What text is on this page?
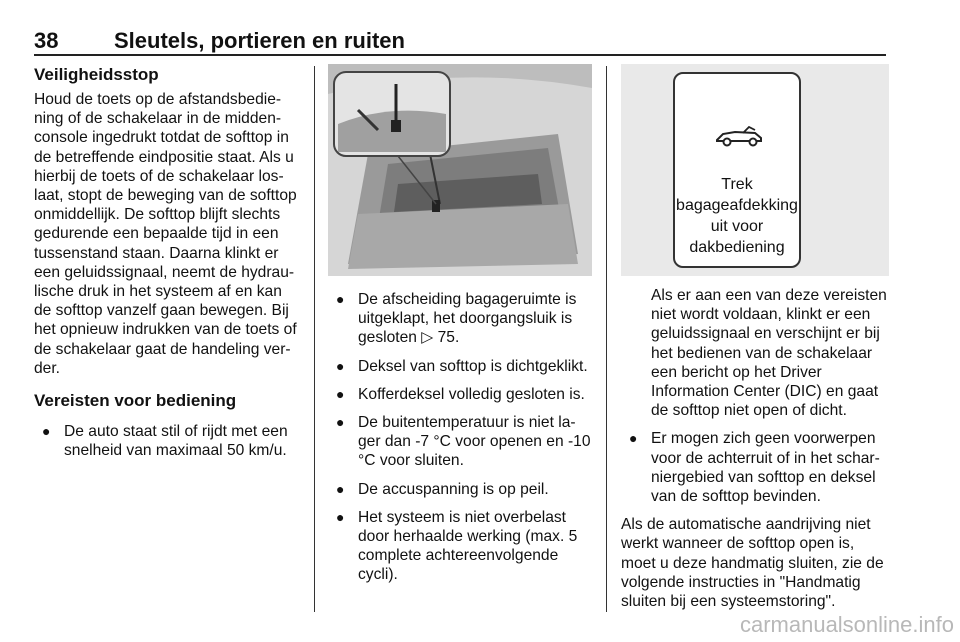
38	Sleutels, portieren en ruiten
Veiligheidsstop

Houd de toets op de afstandsbediening of de schakelaar in de middenconsole ingedrukt totdat de softtop in de betreffende eindpositie staat. Als u hierbij de toets of de schakelaar loslaat, stopt de beweging van de softtop onmiddellijk. De softtop blijft slechts gedurende een bepaalde tijd in een tussenstand staan. Daarna klinkt er een geluidssignaal, neemt de hydraulische druk in het systeem af en kan de softtop vanzelf gaan bewegen. Bij het opnieuw indrukken van de toets of de schakelaar gaat de handeling verder.

Vereisten voor bediening
● De auto staat stil of rijdt met een snelheid van maximaal 50 km/u.
● De afscheiding bagageruimte is uitgeklapt, het doorgangsluik is gesloten ▷ 75.
● Deksel van softtop is dichtgeklikt.
● Kofferdeksel volledig gesloten is.
● De buitentemperatuur is niet lager dan -7 °C voor openen en -10 °C voor sluiten.
● De accuspanning is op peil.
● Het systeem is niet overbelast door herhaalde werking (max. 5 complete achtereenvolgende cycli).
Trek
bagageafdekking
uit voor
dakbediening

Als er aan een van deze vereisten niet wordt voldaan, klinkt er een geluidssignaal en verschijnt er bij het bedienen van de schakelaar een bericht op het Driver Information Center (DIC) en gaat de softtop niet open of dicht.

● Er mogen zich geen voorwerpen voor de achterruit of in het scharniergebied van softtop en deksel van de softtop bevinden.

Als de automatische aandrijving niet werkt wanneer de softtop open is, moet u deze handmatig sluiten, zie de volgende instructies in "Handmatig sluiten bij een systeemstoring".

carmanualsonline.info
